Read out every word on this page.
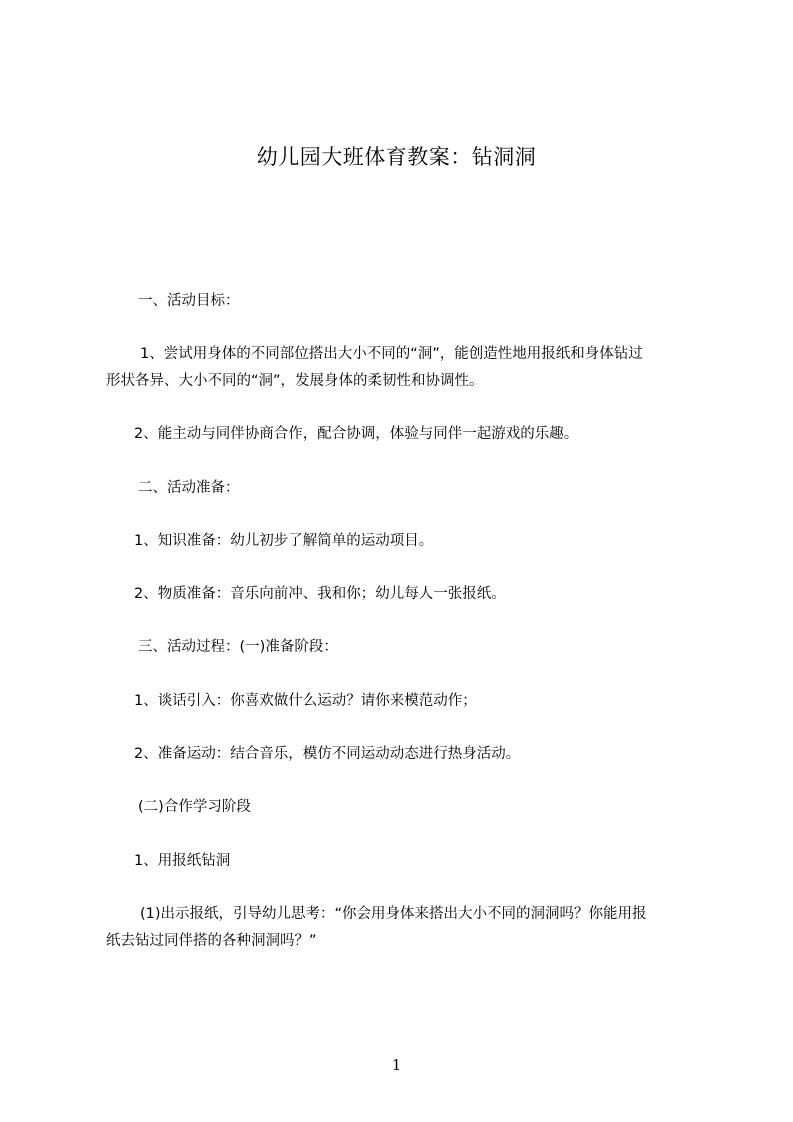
幼儿园大班体育教案：钻洞洞
一、活动目标：
1、尝试用身体的不同部位搭出大小不同的“洞”，能创造性地用报纸和身体钻过
形状各异、大小不同的“洞”，发展身体的柔韧性和协调性。
2、能主动与同伴协商合作，配合协调，体验与同伴一起游戏的乐趣。
二、活动准备：
1、知识准备：幼儿初步了解简单的运动项目。
2、物质准备：音乐向前冲、我和你；幼儿每人一张报纸。
三、活动过程：(一)准备阶段：
1、谈话引入：你喜欢做什么运动？请你来模范动作；
2、准备运动：结合音乐，模仿不同运动动态进行热身活动。
(二)合作学习阶段
1、用报纸钻洞
(1)出示报纸，引导幼儿思考：“你会用身体来搭出大小不同的洞洞吗？你能用报
纸去钻过同伴搭的各种洞洞吗？”
1
